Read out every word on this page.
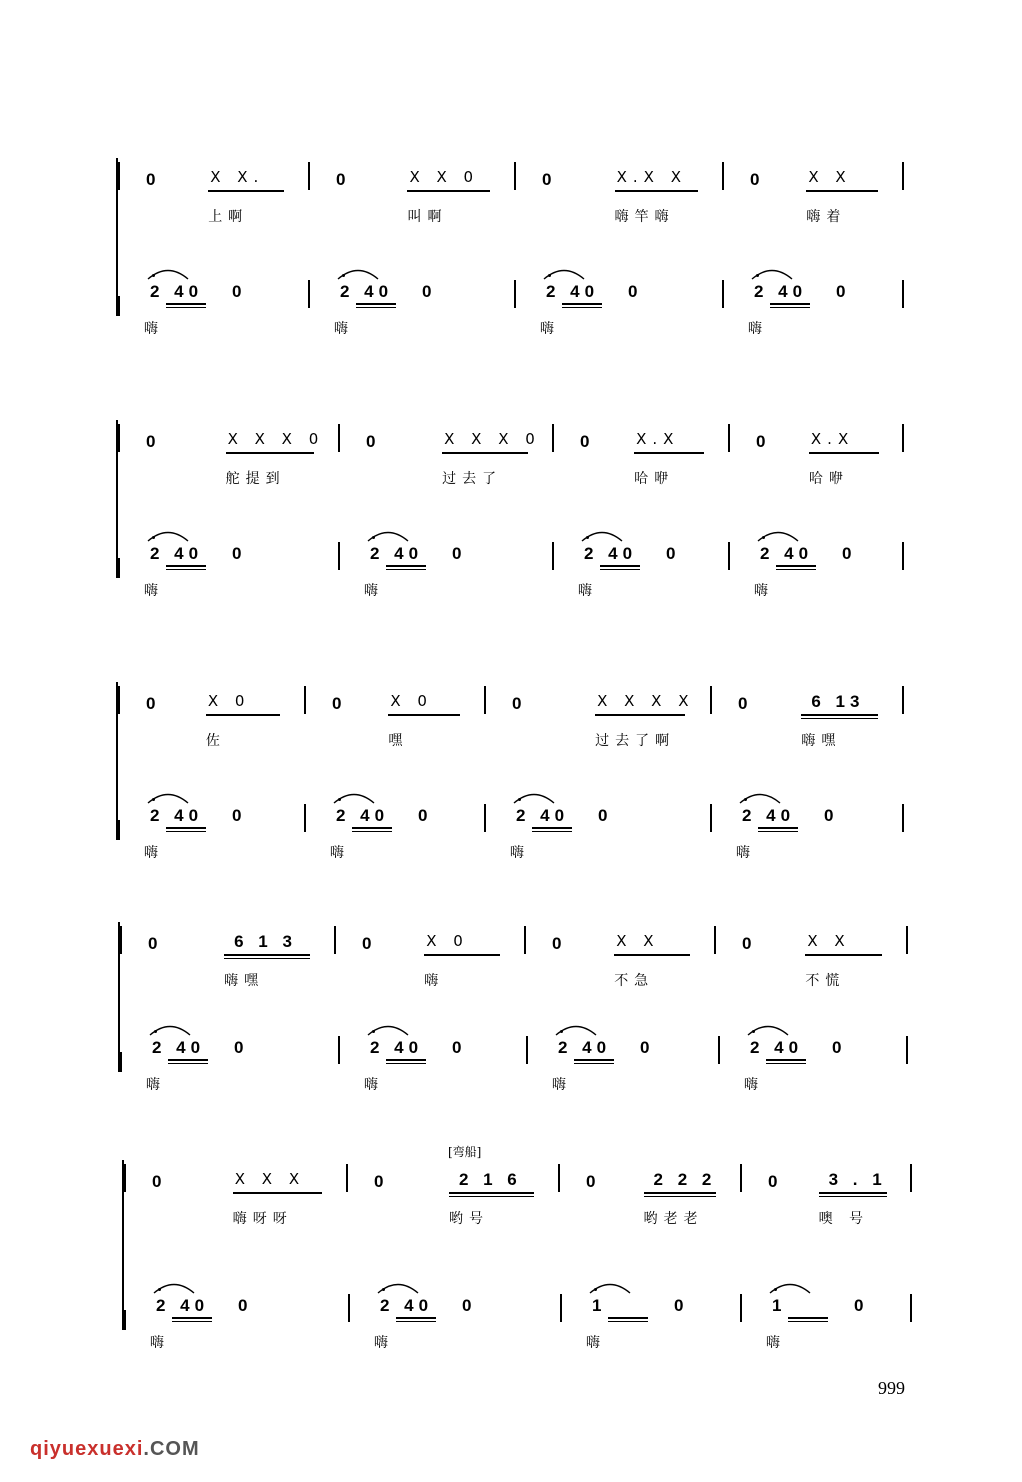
0	X X.
上啊
0	X X 0
叫啊
0	X.X X
嗨竿嗨
0	X X
嗨着
2 40 0
嗨
2 40 0
嗨
2 40 0
嗨
2 40 0
嗨
0	X X X 0
舵提到
0	X X X 0
过去了
0	X.X
哈咿
0	X.X
哈咿
2 40 0
嗨
2 40 0
嗨
2 40 0
嗨
2 40 0
嗨
0	X 0
佐
0	X 0
嘿
0	X X X X
过去了啊
0	6 13
嗨嘿
2 40 0
嗨
2 40 0
嗨
2 40 0
嗨
2 40 0
嗨
0	6 1 3
嗨嘿
0	X 0
嗨
0	X X
不急
0	X X
不慌
2 40 0
嗨
2 40 0
嗨
2 40 0
嗨
2 40 0
嗨
0	X X X
嗨呀呀
0	2 1 6
哟号
0	2 2 2
哟老老
0	3 . 1
噢 号
2 40 0
嗨
2 40 0
嗨
1	0
嗨
1	0
嗨
[弯船]
999
qiyuexuexi.COM
